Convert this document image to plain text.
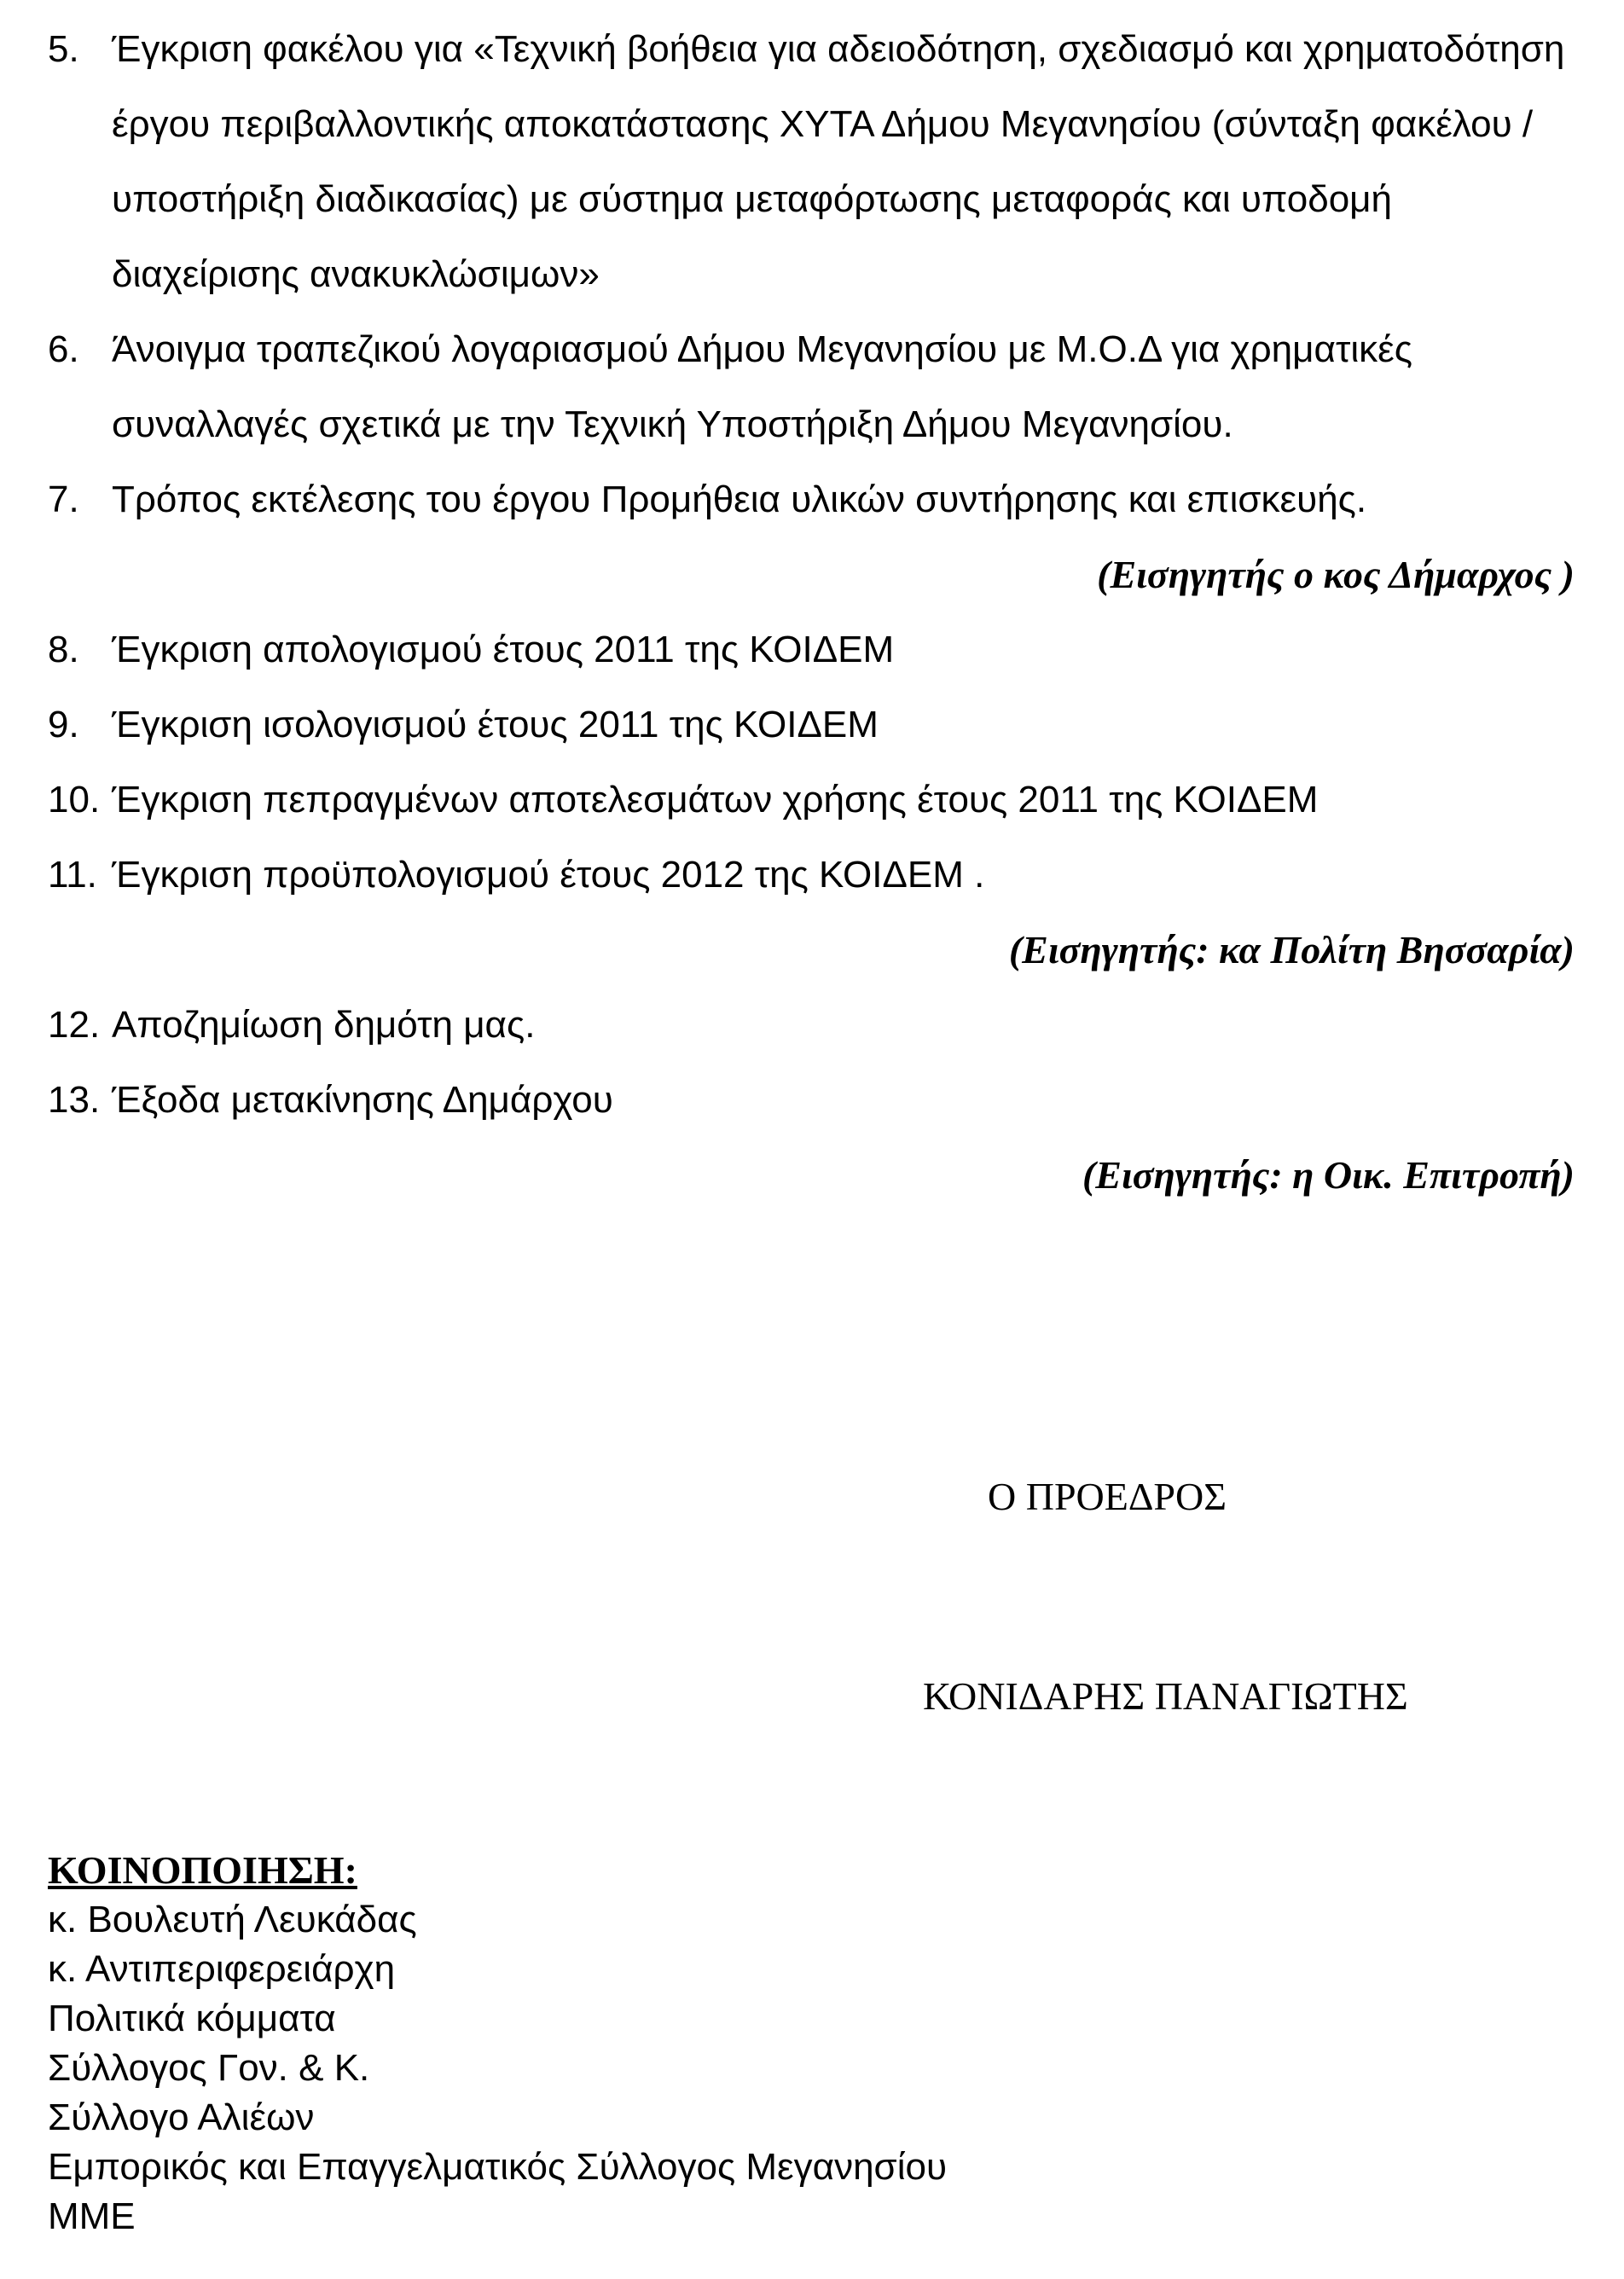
5. Έγκριση φακέλου για «Τεχνική βοήθεια για αδειοδότηση, σχεδιασμό και χρηματοδότηση έργου περιβαλλοντικής αποκατάστασης ΧΥΤΑ Δήμου Μεγανησίου (σύνταξη φακέλου / υποστήριξη διαδικασίας) με σύστημα μεταφόρτωσης μεταφοράς και υποδομή διαχείρισης ανακυκλώσιμων»
6. Άνοιγμα τραπεζικού λογαριασμού Δήμου Μεγανησίου με Μ.Ο.Δ για χρηματικές συναλλαγές σχετικά με την Τεχνική Υποστήριξη Δήμου Μεγανησίου.
7. Τρόπος εκτέλεσης του έργου Προμήθεια υλικών συντήρησης και επισκευής.
(Εισηγητής ο κος Δήμαρχος )
8. Έγκριση απολογισμού έτους 2011 της ΚΟΙΔΕΜ
9. Έγκριση ισολογισμού έτους 2011 της ΚΟΙΔΕΜ
10. Έγκριση πεπραγμένων αποτελεσμάτων χρήσης έτους 2011 της ΚΟΙΔΕΜ
11. Έγκριση προϋπολογισμού έτους 2012 της ΚΟΙΔΕΜ .
(Εισηγητής: κα Πολίτη Βησσαρία)
12. Αποζημίωση δημότη μας.
13. Έξοδα μετακίνησης Δημάρχου
(Εισηγητής: η Οικ. Επιτροπή)
Ο ΠΡΟΕΔΡΟΣ
ΚΟΝΙΔΑΡΗΣ ΠΑΝΑΓΙΩΤΗΣ
ΚΟΙΝΟΠΟΙΗΣΗ:
κ. Βουλευτή Λευκάδας
κ. Αντιπεριφερειάρχη
Πολιτικά κόμματα
Σύλλογος Γον. & Κ.
Σύλλογο Αλιέων
Εμπορικός και Επαγγελματικός Σύλλογος Μεγανησίου
ΜΜΕ
